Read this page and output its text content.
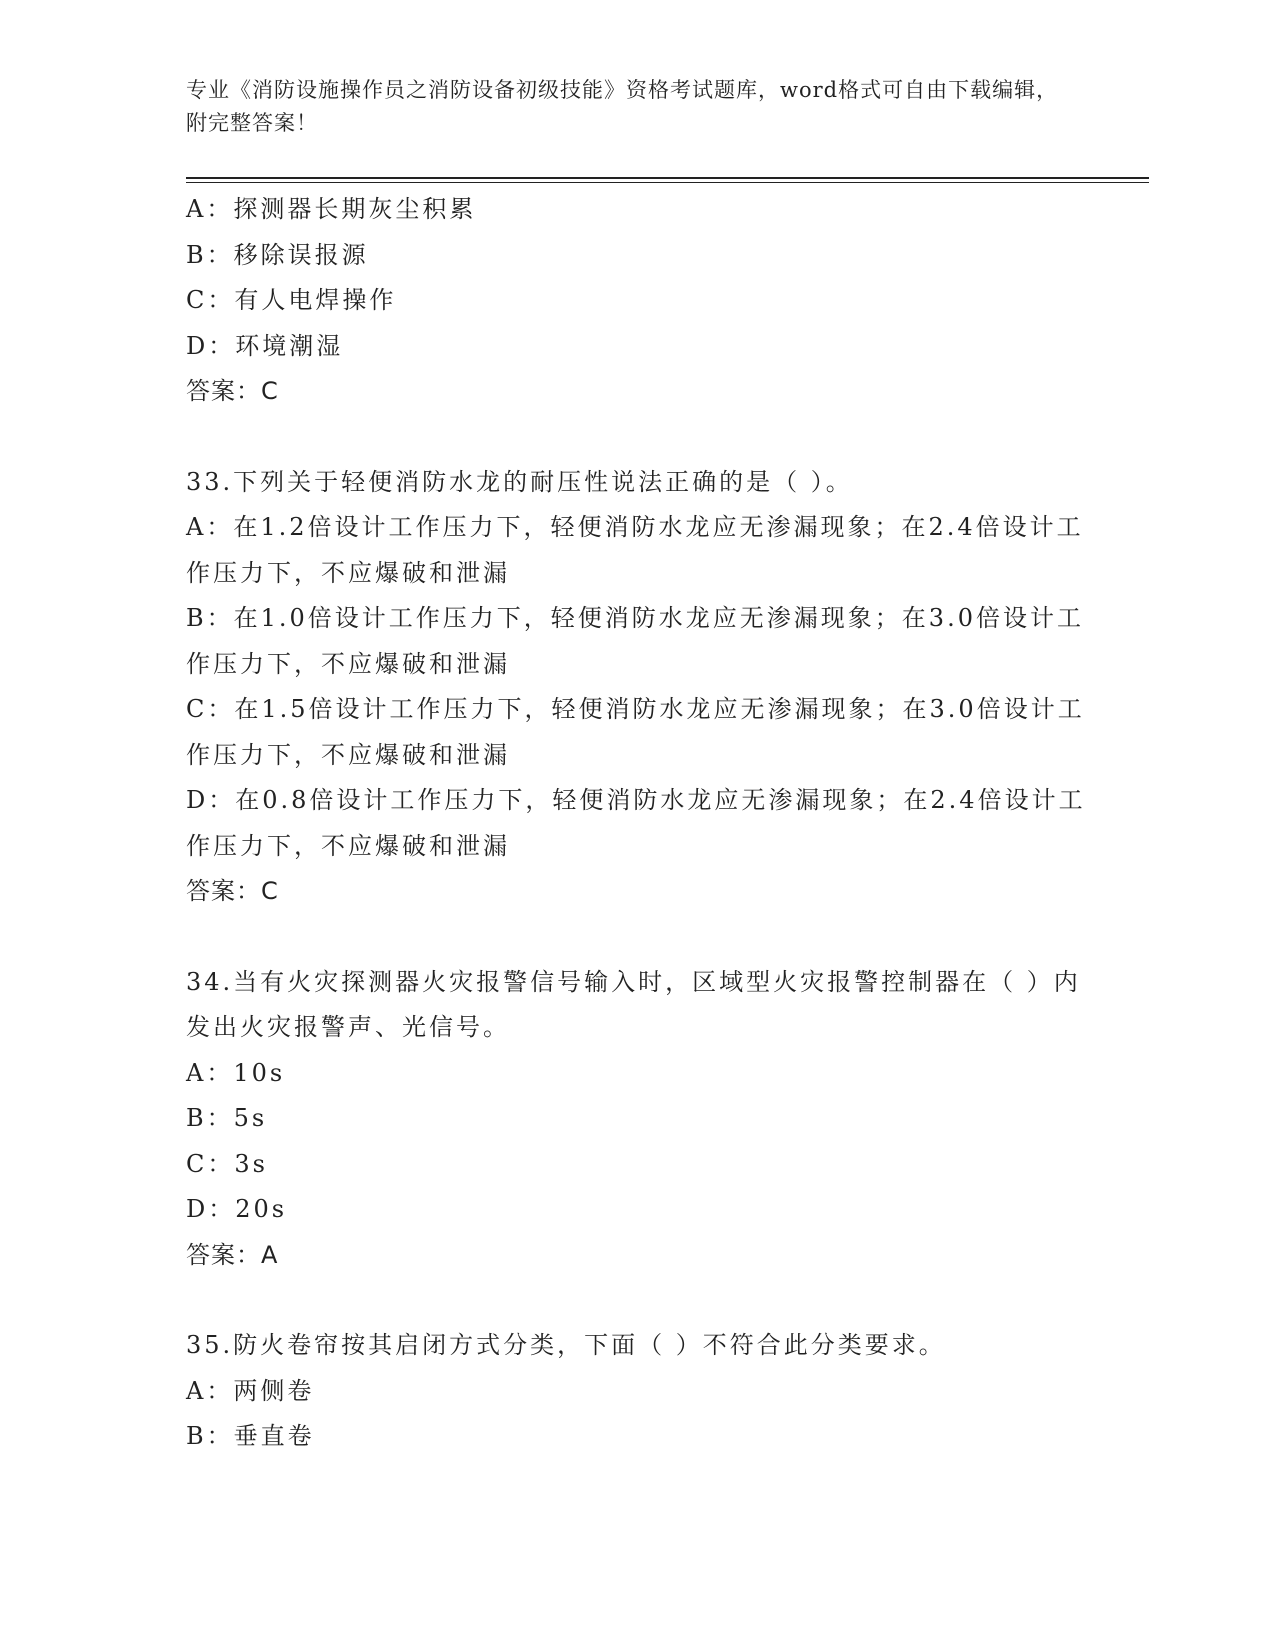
专业《消防设施操作员之消防设备初级技能》资格考试题库，word格式可自由下载编辑，附完整答案！
A：探测器长期灰尘积累
B：移除误报源
C：有人电焊操作
D：环境潮湿
答案：C
33.下列关于轻便消防水龙的耐压性说法正确的是（ ）。
A：在1.2倍设计工作压力下，轻便消防水龙应无渗漏现象；在2.4倍设计工作压力下，不应爆破和泄漏
B：在1.0倍设计工作压力下，轻便消防水龙应无渗漏现象；在3.0倍设计工作压力下，不应爆破和泄漏
C：在1.5倍设计工作压力下，轻便消防水龙应无渗漏现象；在3.0倍设计工作压力下，不应爆破和泄漏
D：在0.8倍设计工作压力下，轻便消防水龙应无渗漏现象；在2.4倍设计工作压力下，不应爆破和泄漏
答案：C
34.当有火灾探测器火灾报警信号输入时，区域型火灾报警控制器在（ ）内发出火灾报警声、光信号。
A：10s
B：5s
C：3s
D：20s
答案：A
35.防火卷帘按其启闭方式分类，下面（ ）不符合此分类要求。
A：两侧卷
B：垂直卷
